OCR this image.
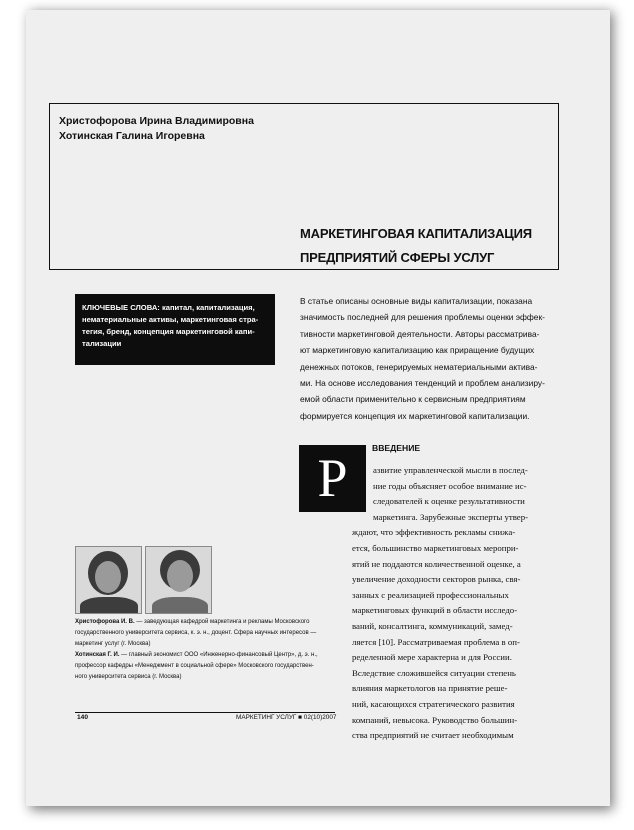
Христофорова Ирина Владимировна
Хотинская Галина Игоревна
МАРКЕТИНГОВАЯ КАПИТАЛИЗАЦИЯ
ПРЕДПРИЯТИЙ СФЕРЫ УСЛУГ
КЛЮЧЕВЫЕ СЛОВА: капитал, капитализация,
нематериальные активы, маркетинговая стра-
тегия, бренд, концепция маркетинговой капи-
тализации
В статье описаны основные виды капитализации, показана
значимость последней для решения проблемы оценки эффек-
тивности маркетинговой деятельности. Авторы рассматрива-
ют маркетинговую капитализацию как приращение будущих
денежных потоков, генерируемых нематериальными актива-
ми. На основе исследования тенденций и проблем анализиру-
емой области применительно к сервисным предприятиям
формируется концепция их маркетинговой капитализации.
Р	ВВЕДЕНИЕ
азвитие управленческой мысли в послед-
ние годы объясняет особое внимание ис-
следователей к оценке результативности
маркетинга. Зарубежные эксперты утвер-
ждают, что эффективность рекламы снижа-
ется, большинство маркетинговых меропри-
ятий не поддаются количественной оценке, а
увеличение доходности секторов рынка, свя-
занных с реализацией профессиональных
маркетинговых функций в области исследо-
ваний, консалтинга, коммуникаций, замед-
ляется [10]. Рассматриваемая проблема в оп-
ределенной мере характерна и для России.
Вследствие сложившейся ситуации степень
влияния маркетологов на принятие реше-
ний, касающихся стратегического развития
компаний, невысока. Руководство большин-
ства предприятий не считает необходимым
Христофорова И. В. — заведующая кафедрой маркетинга и рекламы Московского
государственного университета сервиса, к. э. н., доцент. Сфера научных интересов —
маркетинг услуг (г. Москва)
Хотинская Г. И. — главный экономист ООО «Инженерно-финансовый Центр», д. э. н.,
профессор кафедры «Менеджмент в социальной сфере» Московского государствен-
ного университета сервиса (г. Москва)
140	МАРКЕТИНГ УСЛУГ ■ 02(10)2007
